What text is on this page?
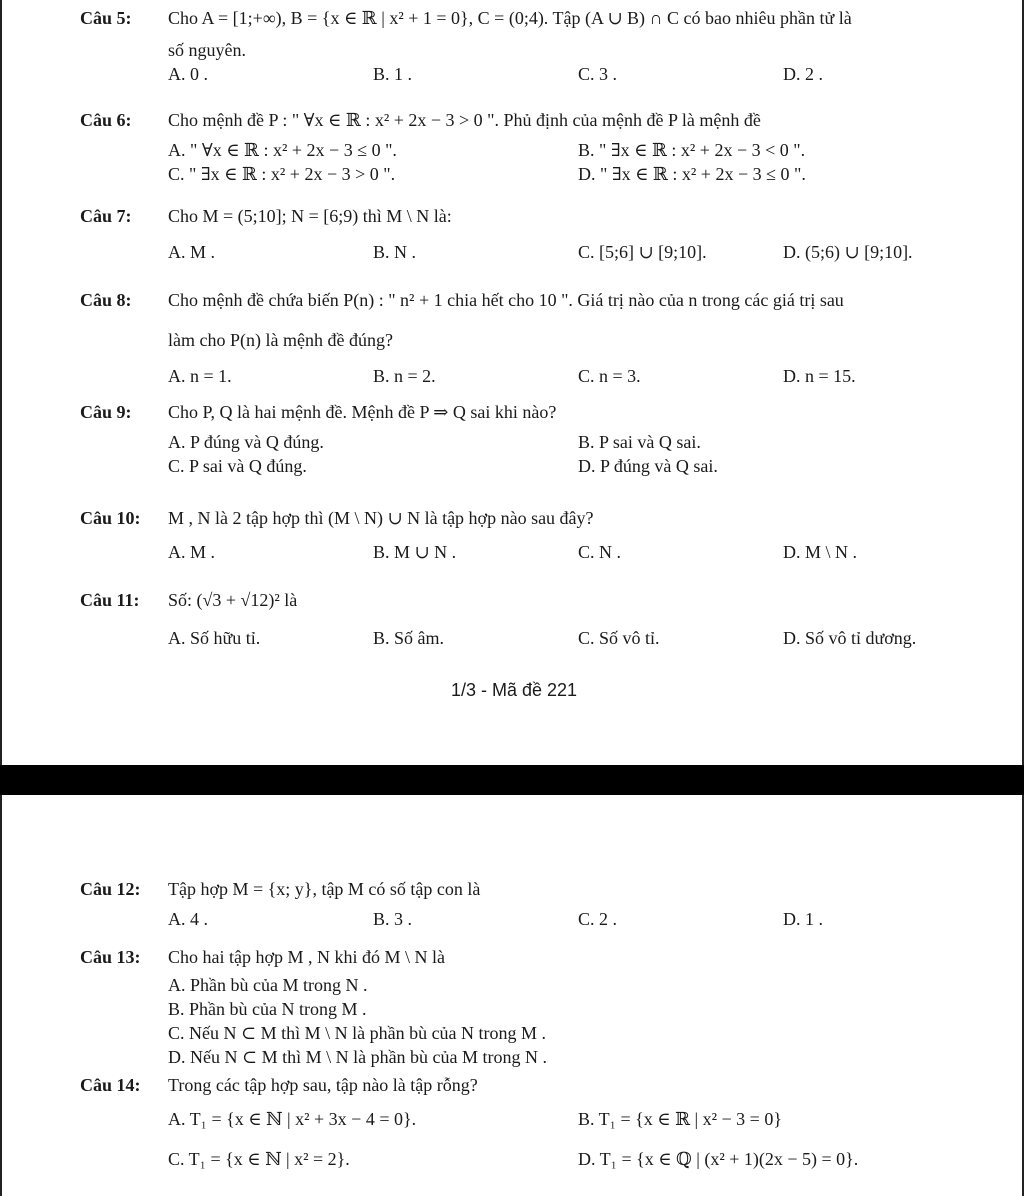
Câu 5:	Cho A = [1;+∞), B = {x ∈ ℝ | x² + 1 = 0}, C = (0;4). Tập (A ∪ B) ∩ C có bao nhiêu phần tử là
số nguyên.
A. 0 .	B. 1 .	C. 3 .	D. 2 .
Câu 6:	Cho mệnh đề P : " ∀x ∈ ℝ : x² + 2x − 3 > 0 ". Phủ định của mệnh đề P là mệnh đề
A. " ∀x ∈ ℝ : x² + 2x − 3 ≤ 0 ".	B. " ∃x ∈ ℝ : x² + 2x − 3 < 0 ".
C. " ∃x ∈ ℝ : x² + 2x − 3 > 0 ".	D. " ∃x ∈ ℝ : x² + 2x − 3 ≤ 0 ".
Câu 7:	Cho M = (5;10]; N = [6;9) thì M \ N là:
A. M .	B. N .	C. [5;6] ∪ [9;10].	D. (5;6) ∪ [9;10].
Câu 8:	Cho mệnh đề chứa biến P(n) : " n² + 1 chia hết cho 10 ". Giá trị nào của n trong các giá trị sau
làm cho P(n) là mệnh đề đúng?
A. n = 1.	B. n = 2.	C. n = 3.	D. n = 15.
Câu 9:	Cho P, Q là hai mệnh đề. Mệnh đề P ⇒ Q sai khi nào?
A. P đúng và Q đúng.	B. P sai và Q sai.
C. P sai và Q đúng.	D. P đúng và Q sai.
Câu 10:	M , N là 2 tập hợp thì (M \ N) ∪ N là tập hợp nào sau đây?
A. M .	B. M ∪ N .	C. N .	D. M \ N .
Câu 11:	Số: (√3 + √12)² là
A. Số hữu tỉ.	B. Số âm.	C. Số vô tỉ.	D. Số vô tỉ dương.
1/3 - Mã đề 221
Câu 12:	Tập hợp M = {x; y}, tập M có số tập con là
A. 4 .	B. 3 .	C. 2 .	D. 1 .
Câu 13:	Cho hai tập hợp M , N khi đó M \ N là
A. Phần bù của M trong N .
B. Phần bù của N trong M .
C. Nếu N ⊂ M thì M \ N là phần bù của N trong M .
D. Nếu N ⊂ M thì M \ N là phần bù của M trong N .
Câu 14:	Trong các tập hợp sau, tập nào là tập rỗng?
A. T₁ = {x ∈ ℕ | x² + 3x − 4 = 0}.	B. T₁ = {x ∈ ℝ | x² − 3 = 0}
C. T₁ = {x ∈ ℕ | x² = 2}.	D. T₁ = {x ∈ ℚ | (x² + 1)(2x − 5) = 0}.
